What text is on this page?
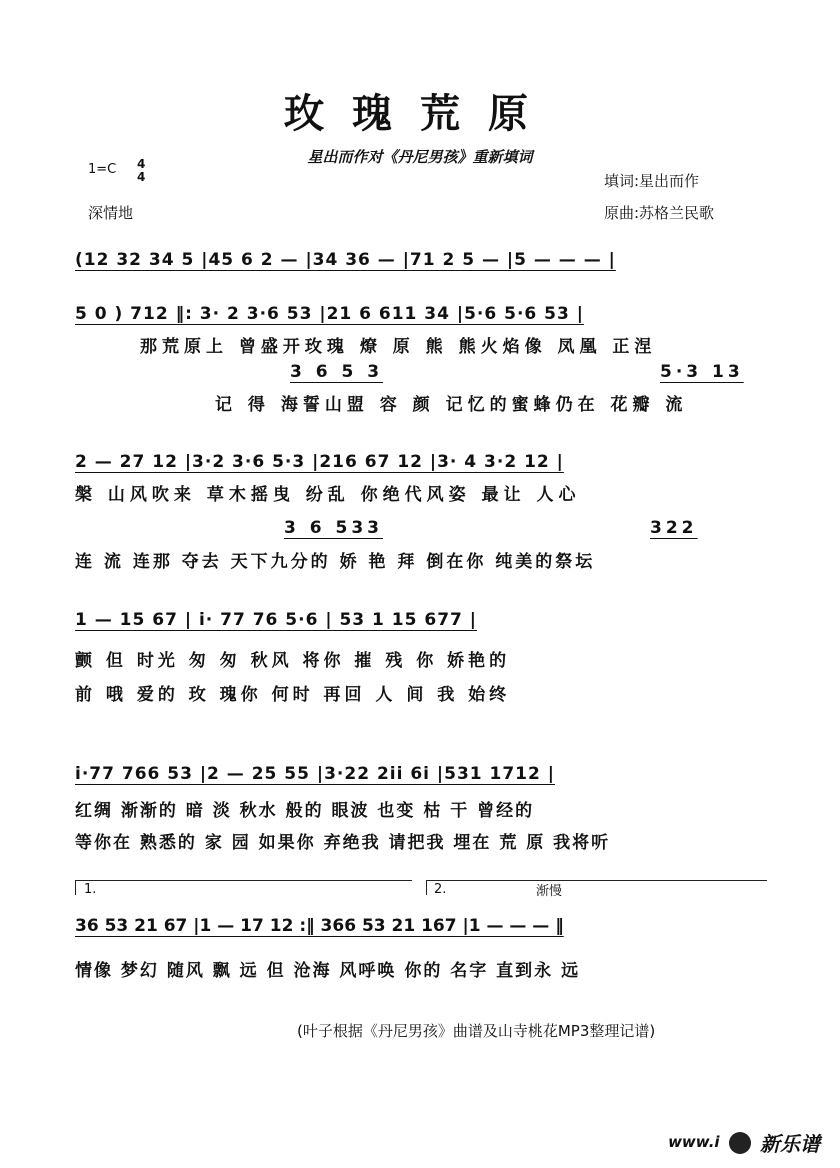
玫瑰荒原
星出而作对《丹尼男孩》重新填词
1=C 4
4
深情地
填词:星出而作
原曲:苏格兰民歌
(12 32 34 5 |45 6 2 — |34 36 — |71 2 5 — |5 — — — |
5 0 ) 712 ‖: 3· 2 3·6 53 |21 6 611 34 |5·6 5·6 53 |
那荒原上 曾盛开玫瑰 燎 原 熊 熊火焰像 凤凰 正涅
3 6 5 3	5·3 13
记 得 海誓山盟 容 颜 记忆的蜜蜂仍在 花瓣 流
2 — 27 12 |3·2 3·6 5·3 |216 67 12 |3· 4 3·2 12 |
槃 山风吹来 草木摇曳 纷乱 你绝代风姿 最让 人心
3 6 533	322
连 流 连那 夺去 天下九分的 娇 艳 拜 倒在你 纯美的祭坛
1 — 15 67 | i· 77 76 5·6 | 53 1 15 677 |
颤 但 时光 匆 匆 秋风 将你 摧 残 你 娇艳的
前 哦 爱的 玫 瑰你 何时 再回 人 间 我 始终
i·77 766 53 |2 — 25 55 |3·22 2ii 6i |531 1712 |
红绸 渐渐的 暗 淡 秋水 般的 眼波 也变 枯 干 曾经的
等你在 熟悉的 家 园 如果你 弃绝我 请把我 埋在 荒 原 我将听
1.	2.	渐慢
36 53 21 67 |1 — 17 12 :‖ 366 53 21 167 |1 — — — ‖
情像 梦幻 随风 飘 远 但 沧海 风呼唤 你的 名字 直到永 远
(叶子根据《丹尼男孩》曲谱及山寺桃花MP3整理记谱)
www.i 新乐谱
